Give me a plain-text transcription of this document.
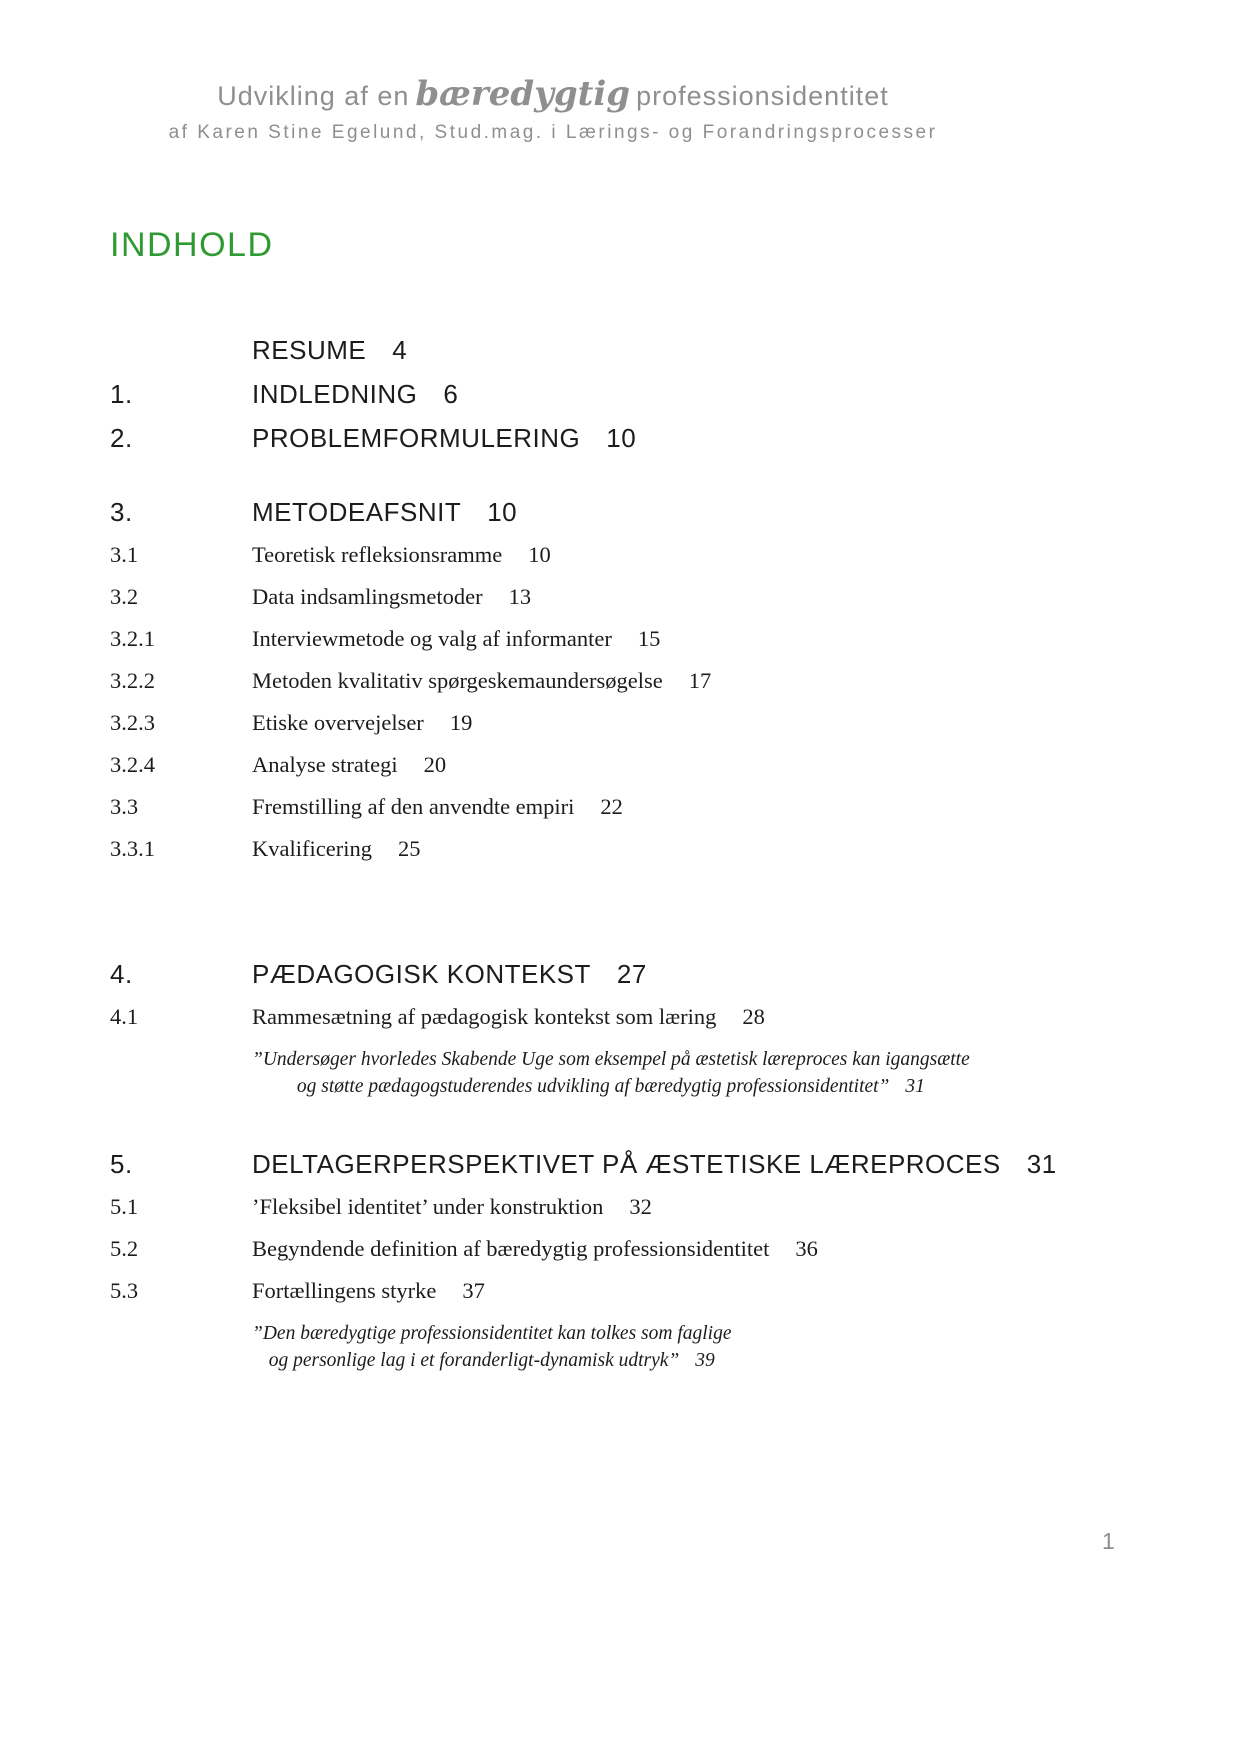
Udvikling af en bæredygtig professionsidentitet
af Karen Stine Egelund, Stud.mag. i Lærings- og Forandringsprocesser
INDHOLD
RESUME 4
1.	INDLEDNING 6
2.	PROBLEMFORMULERING 10
3.	METODEAFSNIT 10
3.1	Teoretisk refleksionsramme 10
3.2	Data indsamlingsmetoder 13
3.2.1	Interviewmetode og valg af informanter 15
3.2.2	Metoden kvalitativ spørgeskemaundersøgelse 17
3.2.3	Etiske overvejelser 19
3.2.4	Analyse strategi 20
3.3	Fremstilling af den anvendte empiri 22
3.3.1	Kvalificering 25
4.	PÆDAGOGISK KONTEKST 27
4.1	Rammesætning af pædagogisk kontekst som læring 28
”Undersøger hvorledes Skabende Uge som eksempel på æstetisk læreproces kan igangsætte
og støtte pædagogstuderendes udvikling af bæredygtig professionsidentitet” 31
5.	DELTAGERPERSPEKTIVET PÅ ÆSTETISKE LÆREPROCES 31
5.1	’Fleksibel identitet’ under konstruktion 32
5.2	Begyndende definition af bæredygtig professionsidentitet 36
5.3	Fortællingens styrke 37
”Den bæredygtige professionsidentitet kan tolkes som faglige
og personlige lag i et foranderligt-dynamisk udtryk” 39
1
